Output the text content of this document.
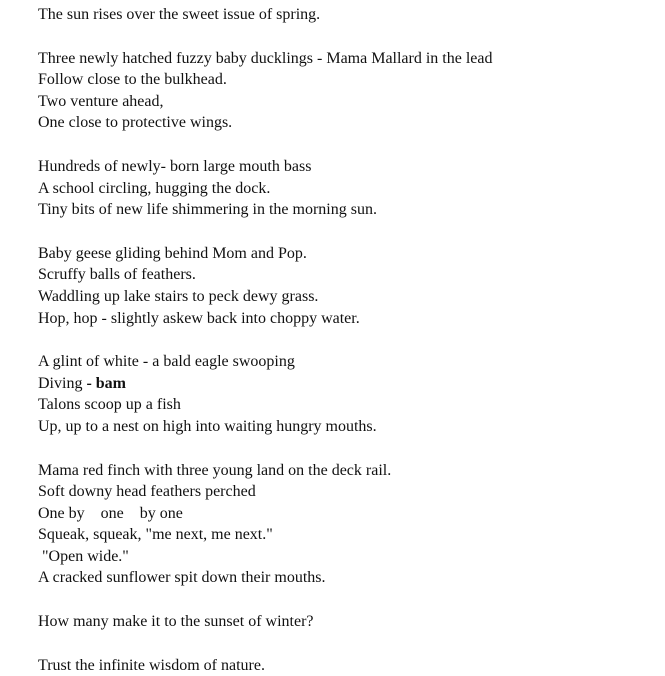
The sun rises over the sweet issue of spring.
Three newly hatched fuzzy baby ducklings - Mama Mallard in the lead
Follow close to the bulkhead.
Two venture ahead,
One close to protective wings.
Hundreds of newly- born large mouth bass
A school circling, hugging the dock.
Tiny bits of new life shimmering in the morning sun.
Baby geese gliding behind Mom and Pop.
Scruffy balls of feathers.
Waddling up lake stairs to peck dewy grass.
Hop, hop - slightly askew back into choppy water.
A glint of white - a bald eagle swooping
Diving - bam
Talons scoop up a fish
Up, up to a nest on high into waiting hungry mouths.
Mama red finch with three young land on the deck rail.
Soft downy head feathers perched
One by    one    by one
Squeak, squeak, "me next, me next."
"Open wide."
A cracked sunflower spit down their mouths.
How many make it to the sunset of winter?
Trust the infinite wisdom of nature.
